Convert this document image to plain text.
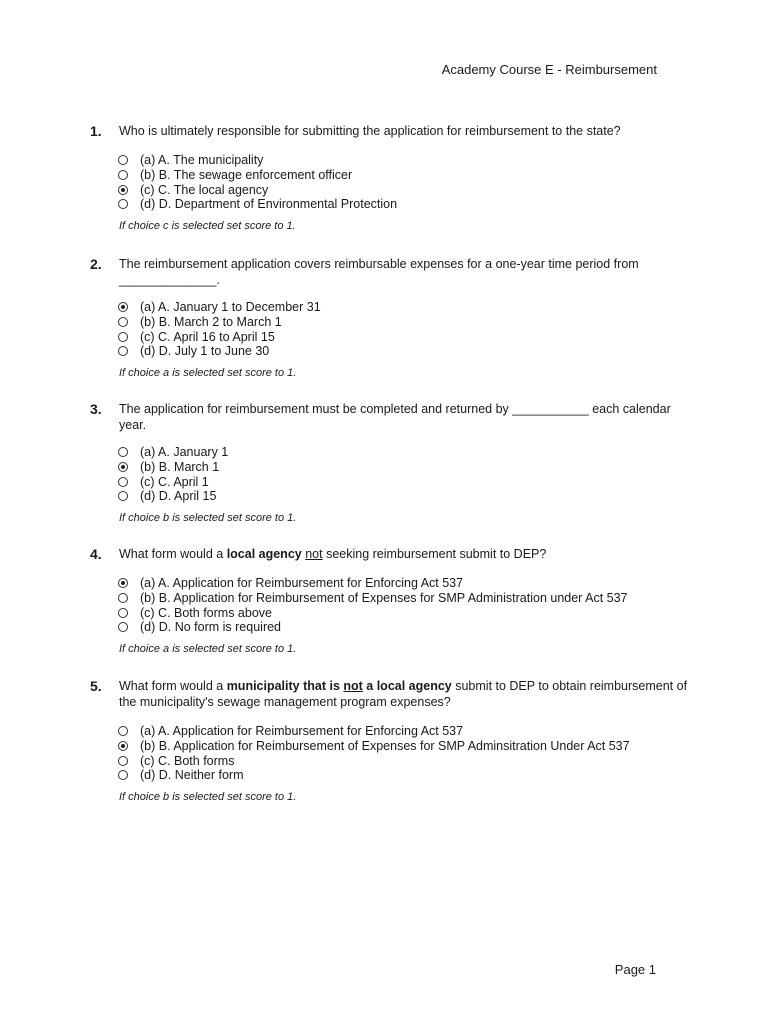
Academy Course E - Reimbursement
1.	Who is ultimately responsible for submitting the application for reimbursement to the state?
(a) A. The municipality
(b) B. The sewage enforcement officer
(c) C. The local agency
(d) D. Department of Environmental Protection
If choice c is selected set score to 1.
2.	The reimbursement application covers reimbursable expenses for a one-year time period from ______________.
(a) A. January 1 to December 31
(b) B. March 2 to March 1
(c) C. April 16 to April 15
(d) D. July 1 to June 30
If choice a is selected set score to 1.
3.	The application for reimbursement must be completed and returned by ___________ each calendar year.
(a) A. January 1
(b) B. March 1
(c) C. April 1
(d) D. April 15
If choice b is selected set score to 1.
4.	What form would a local agency not seeking reimbursement submit to DEP?
(a) A. Application for Reimbursement for Enforcing Act 537
(b) B. Application for Reimbursement of Expenses for SMP Administration under Act 537
(c) C. Both forms above
(d) D. No form is required
If choice a is selected set score to 1.
5.	What form would a municipality that is not a local agency submit to DEP to obtain reimbursement of the municipality's sewage management program expenses?
(a) A. Application for Reimbursement for Enforcing Act 537
(b) B. Application for Reimbursement of Expenses for SMP Adminsitration Under Act 537
(c) C. Both forms
(d) D. Neither form
If choice b is selected set score to 1.
Page 1
